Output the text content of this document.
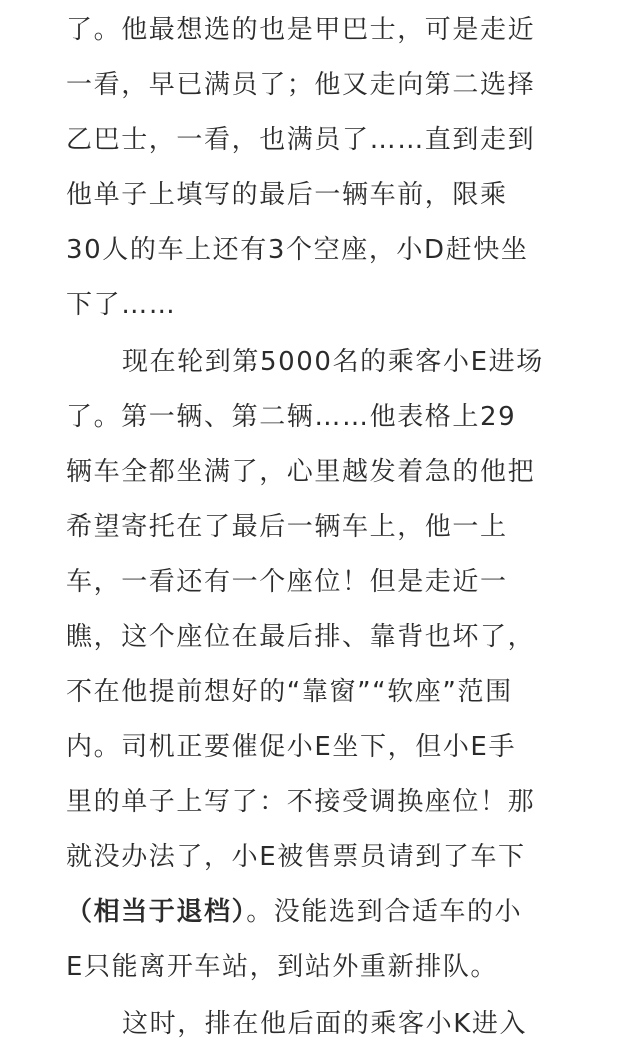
了。他最想选的也是甲巴士，可是走近
一看，早已满员了；他又走向第二选择
乙巴士，一看，也满员了……直到走到
他单子上填写的最后一辆车前，限乘
30人的车上还有3个空座，小D赶快坐
下了……
现在轮到第5000名的乘客小E进场
了。第一辆、第二辆……他表格上29
辆车全都坐满了，心里越发着急的他把
希望寄托在了最后一辆车上，他一上
车，一看还有一个座位！但是走近一
瞧，这个座位在最后排、靠背也坏了，
不在他提前想好的“靠窗”“软座”范围
内。司机正要催促小E坐下，但小E手
里的单子上写了：不接受调换座位！那
就没办法了，小E被售票员请到了车下
（相当于退档）。没能选到合适车的小
E只能离开车站，到站外重新排队。
这时，排在他后面的乘客小K进入
